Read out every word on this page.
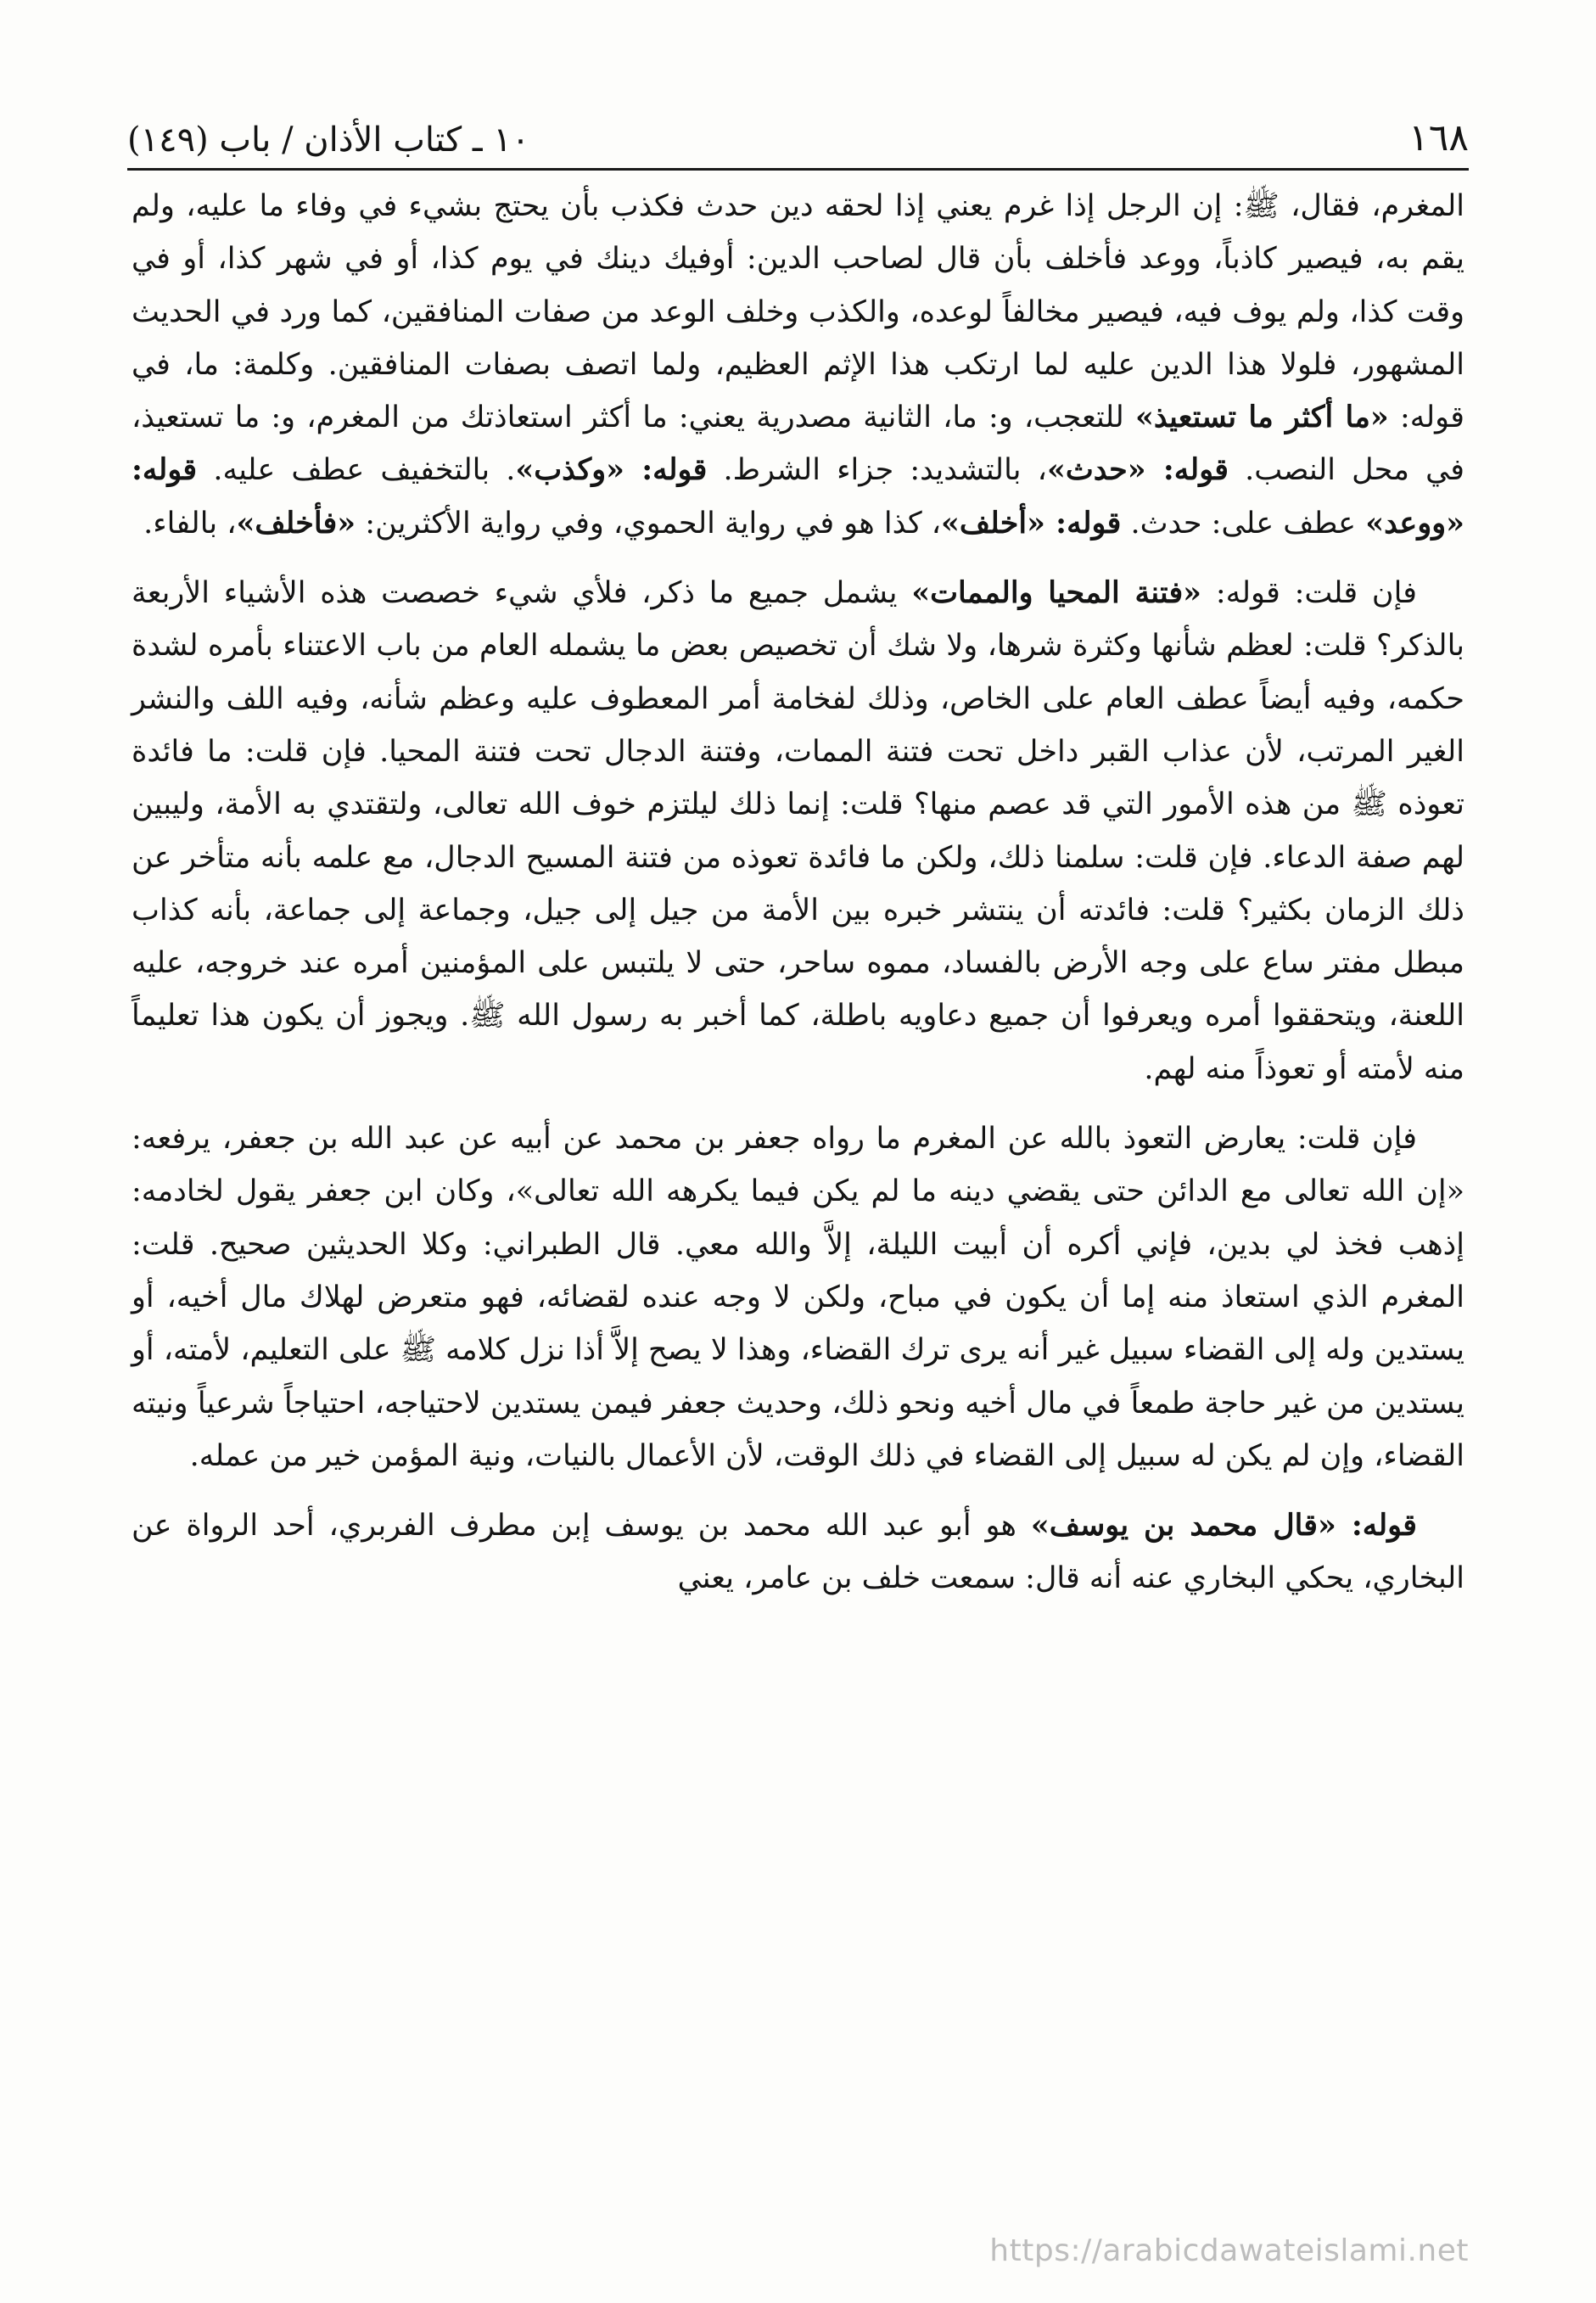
١٦٨
١٠ ـ كتاب الأذان / باب (١٤٩)

المغرم، فقال، ﷺ: إن الرجل إذا غرم يعني إذا لحقه دين حدث فكذب بأن يحتج بشيء في وفاء ما عليه، ولم يقم به، فيصير كاذباً، ووعد فأخلف بأن قال لصاحب الدين: أوفيك دينك في يوم كذا، أو في شهر كذا، أو في وقت كذا، ولم يوف فيه، فيصير مخالفاً لوعده، والكذب وخلف الوعد من صفات المنافقين، كما ورد في الحديث المشهور، فلولا هذا الدين عليه لما ارتكب هذا الإثم العظيم، ولما اتصف بصفات المنافقين. وكلمة: ما، في قوله: «ما أكثر ما تستعيذ» للتعجب، و: ما، الثانية مصدرية يعني: ما أكثر استعاذتك من المغرم، و: ما تستعيذ، في محل النصب. قوله: «حدث»، بالتشديد: جزاء الشرط. قوله: «وكذب». بالتخفيف عطف عليه. قوله: «ووعد» عطف على: حدث. قوله: «أخلف»، كذا هو في رواية الحموي، وفي رواية الأكثرين: «فأخلف»، بالفاء.

فإن قلت: قوله: «فتنة المحيا والممات» يشمل جميع ما ذكر، فلأي شيء خصصت هذه الأشياء الأربعة بالذكر؟ قلت: لعظم شأنها وكثرة شرها، ولا شك أن تخصيص بعض ما يشمله العام من باب الاعتناء بأمره لشدة حكمه، وفيه أيضاً عطف العام على الخاص، وذلك لفخامة أمر المعطوف عليه وعظم شأنه، وفيه اللف والنشر الغير المرتب، لأن عذاب القبر داخل تحت فتنة الممات، وفتنة الدجال تحت فتنة المحيا. فإن قلت: ما فائدة تعوذه ﷺ من هذه الأمور التي قد عصم منها؟ قلت: إنما ذلك ليلتزم خوف الله تعالى، ولتقتدي به الأمة، وليبين لهم صفة الدعاء. فإن قلت: سلمنا ذلك، ولكن ما فائدة تعوذه من فتنة المسيح الدجال، مع علمه بأنه متأخر عن ذلك الزمان بكثير؟ قلت: فائدته أن ينتشر خبره بين الأمة من جيل إلى جيل، وجماعة إلى جماعة، بأنه كذاب مبطل مفتر ساع على وجه الأرض بالفساد، مموه ساحر، حتى لا يلتبس على المؤمنين أمره عند خروجه، عليه اللعنة، ويتحققوا أمره ويعرفوا أن جميع دعاويه باطلة، كما أخبر به رسول الله ﷺ. ويجوز أن يكون هذا تعليماً منه لأمته أو تعوذاً منه لهم.

فإن قلت: يعارض التعوذ بالله عن المغرم ما رواه جعفر بن محمد عن أبيه عن عبد الله بن جعفر، يرفعه: «إن الله تعالى مع الدائن حتى يقضي دينه ما لم يكن فيما يكرهه الله تعالى»، وكان ابن جعفر يقول لخادمه: إذهب فخذ لي بدين، فإني أكره أن أبيت الليلة، إلاَّ والله معي. قال الطبراني: وكلا الحديثين صحيح. قلت: المغرم الذي استعاذ منه إما أن يكون في مباح، ولكن لا وجه عنده لقضائه، فهو متعرض لهلاك مال أخيه، أو يستدين وله إلى القضاء سبيل غير أنه يرى ترك القضاء، وهذا لا يصح إلاَّ أذا نزل كلامه ﷺ على التعليم، لأمته، أو يستدين من غير حاجة طمعاً في مال أخيه ونحو ذلك، وحديث جعفر فيمن يستدين لاحتياجه، احتياجاً شرعياً ونيته القضاء، وإن لم يكن له سبيل إلى القضاء في ذلك الوقت، لأن الأعمال بالنيات، ونية المؤمن خير من عمله.

قوله: «قال محمد بن يوسف» هو أبو عبد الله محمد بن يوسف إبن مطرف الفربري، أحد الرواة عن البخاري، يحكي البخاري عنه أنه قال: سمعت خلف بن عامر، يعني

https://arabicdawateislami.net
